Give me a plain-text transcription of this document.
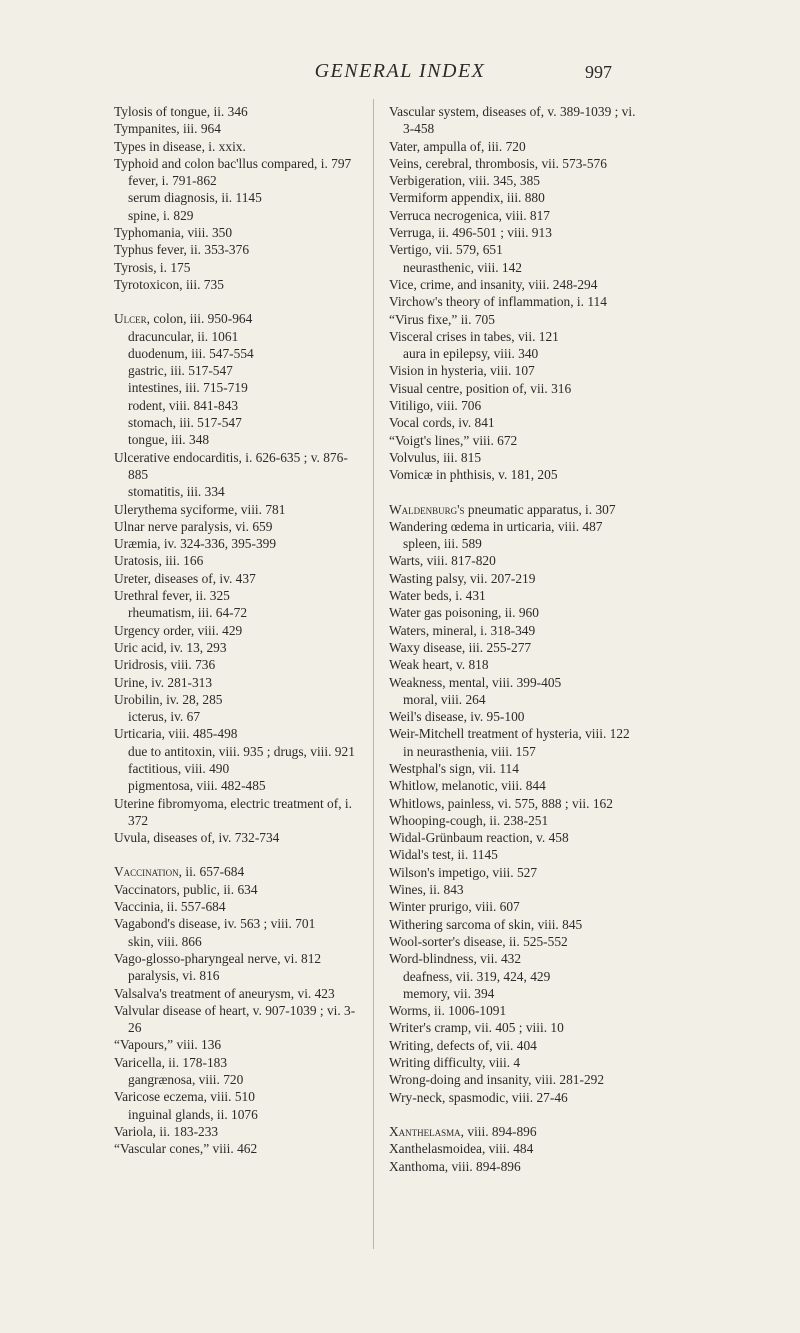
GENERAL INDEX	997
Tylosis of tongue, ii. 346
Tympanites, iii. 964
Types in disease, i. xxix.
Typhoid and colon bac'llus compared, i. 797
fever, i. 791-862
serum diagnosis, ii. 1145
spine, i. 829
Typhomania, viii. 350
Typhus fever, ii. 353-376
Tyrosis, i. 175
Tyrotoxicon, iii. 735
Ulcer, colon, iii. 950-964
dracuncular, ii. 1061
duodenum, iii. 547-554
gastric, iii. 517-547
intestines, iii. 715-719
rodent, viii. 841-843
stomach, iii. 517-547
tongue, iii. 348
Ulcerative endocarditis, i. 626-635 ; v. 876-885
stomatitis, iii. 334
Ulerythema syciforme, viii. 781
Ulnar nerve paralysis, vi. 659
Uræmia, iv. 324-336, 395-399
Uratosis, iii. 166
Ureter, diseases of, iv. 437
Urethral fever, ii. 325
rheumatism, iii. 64-72
Urgency order, viii. 429
Uric acid, iv. 13, 293
Uridrosis, viii. 736
Urine, iv. 281-313
Urobilin, iv. 28, 285
icterus, iv. 67
Urticaria, viii. 485-498
due to antitoxin, viii. 935 ; drugs, viii. 921
factitious, viii. 490
pigmentosa, viii. 482-485
Uterine fibromyoma, electric treatment of, i. 372
Uvula, diseases of, iv. 732-734
Vaccination, ii. 657-684
Vaccinators, public, ii. 634
Vaccinia, ii. 557-684
Vagabond's disease, iv. 563 ; viii. 701
skin, viii. 866
Vago-glosso-pharyngeal nerve, vi. 812
paralysis, vi. 816
Valsalva's treatment of aneurysm, vi. 423
Valvular disease of heart, v. 907-1039 ; vi. 3-26
“Vapours,” viii. 136
Varicella, ii. 178-183
gangrænosa, viii. 720
Varicose eczema, viii. 510
inguinal glands, ii. 1076
Variola, ii. 183-233
“Vascular cones,” viii. 462
Vascular system, diseases of, v. 389-1039 ; vi. 3-458
Vater, ampulla of, iii. 720
Veins, cerebral, thrombosis, vii. 573-576
Verbigeration, viii. 345, 385
Vermiform appendix, iii. 880
Verruca necrogenica, viii. 817
Verruga, ii. 496-501 ; viii. 913
Vertigo, vii. 579, 651
neurasthenic, viii. 142
Vice, crime, and insanity, viii. 248-294
Virchow's theory of inflammation, i. 114
“Virus fixe,” ii. 705
Visceral crises in tabes, vii. 121
aura in epilepsy, viii. 340
Vision in hysteria, viii. 107
Visual centre, position of, vii. 316
Vitiligo, viii. 706
Vocal cords, iv. 841
“Voigt's lines,” viii. 672
Volvulus, iii. 815
Vomicæ in phthisis, v. 181, 205
Waldenburg's pneumatic apparatus, i. 307
Wandering œdema in urticaria, viii. 487
spleen, iii. 589
Warts, viii. 817-820
Wasting palsy, vii. 207-219
Water beds, i. 431
Water gas poisoning, ii. 960
Waters, mineral, i. 318-349
Waxy disease, iii. 255-277
Weak heart, v. 818
Weakness, mental, viii. 399-405
moral, viii. 264
Weil's disease, iv. 95-100
Weir-Mitchell treatment of hysteria, viii. 122
in neurasthenia, viii. 157
Westphal's sign, vii. 114
Whitlow, melanotic, viii. 844
Whitlows, painless, vi. 575, 888 ; vii. 162
Whooping-cough, ii. 238-251
Widal-Grünbaum reaction, v. 458
Widal's test, ii. 1145
Wilson's impetigo, viii. 527
Wines, ii. 843
Winter prurigo, viii. 607
Withering sarcoma of skin, viii. 845
Wool-sorter's disease, ii. 525-552
Word-blindness, vii. 432
deafness, vii. 319, 424, 429
memory, vii. 394
Worms, ii. 1006-1091
Writer's cramp, vii. 405 ; viii. 10
Writing, defects of, vii. 404
Writing difficulty, viii. 4
Wrong-doing and insanity, viii. 281-292
Wry-neck, spasmodic, viii. 27-46
Xanthelasma, viii. 894-896
Xanthelasmoidea, viii. 484
Xanthoma, viii. 894-896
